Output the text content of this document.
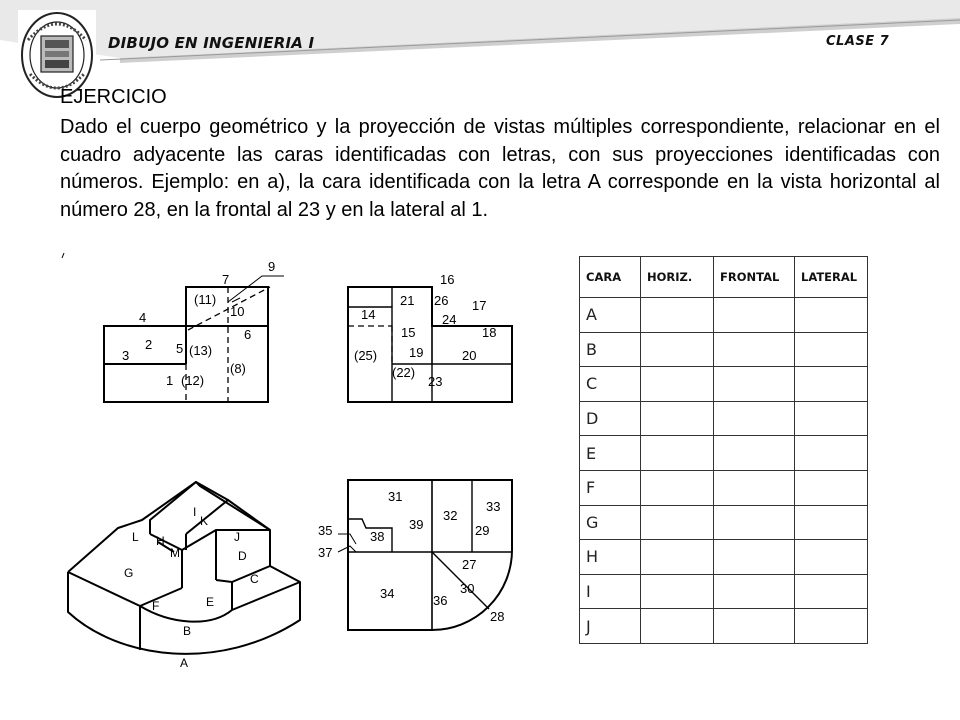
DIBUJO EN INGENIERIA I	CLASE 7
EJERCICIO
Dado el cuerpo geométrico y la proyección de vistas múltiples correspondiente, relacionar en el cuadro adyacente las caras identificadas con letras, con sus proyecciones identificadas con números. Ejemplo: en a), la cara identificada con la letra A corresponde en la vista horizontal al número 28, en la frontal al 23 y en la lateral al 1.
7
9
(11)
10
4
6
2 5 (13)
3
(8)
1 (12)
16
21 26 17
14	24
15	18
(25) 19	20
(22)
23
31
33
32
35	39
38	29
37
27
30
34	36
28
L H
M
I
K
J
D
C
G
F	E
B
A
CARA	HORIZ.	FRONTAL	LATERAL
A			
B			
C			
D			
E			
F			
G			
H			
I			
J			
